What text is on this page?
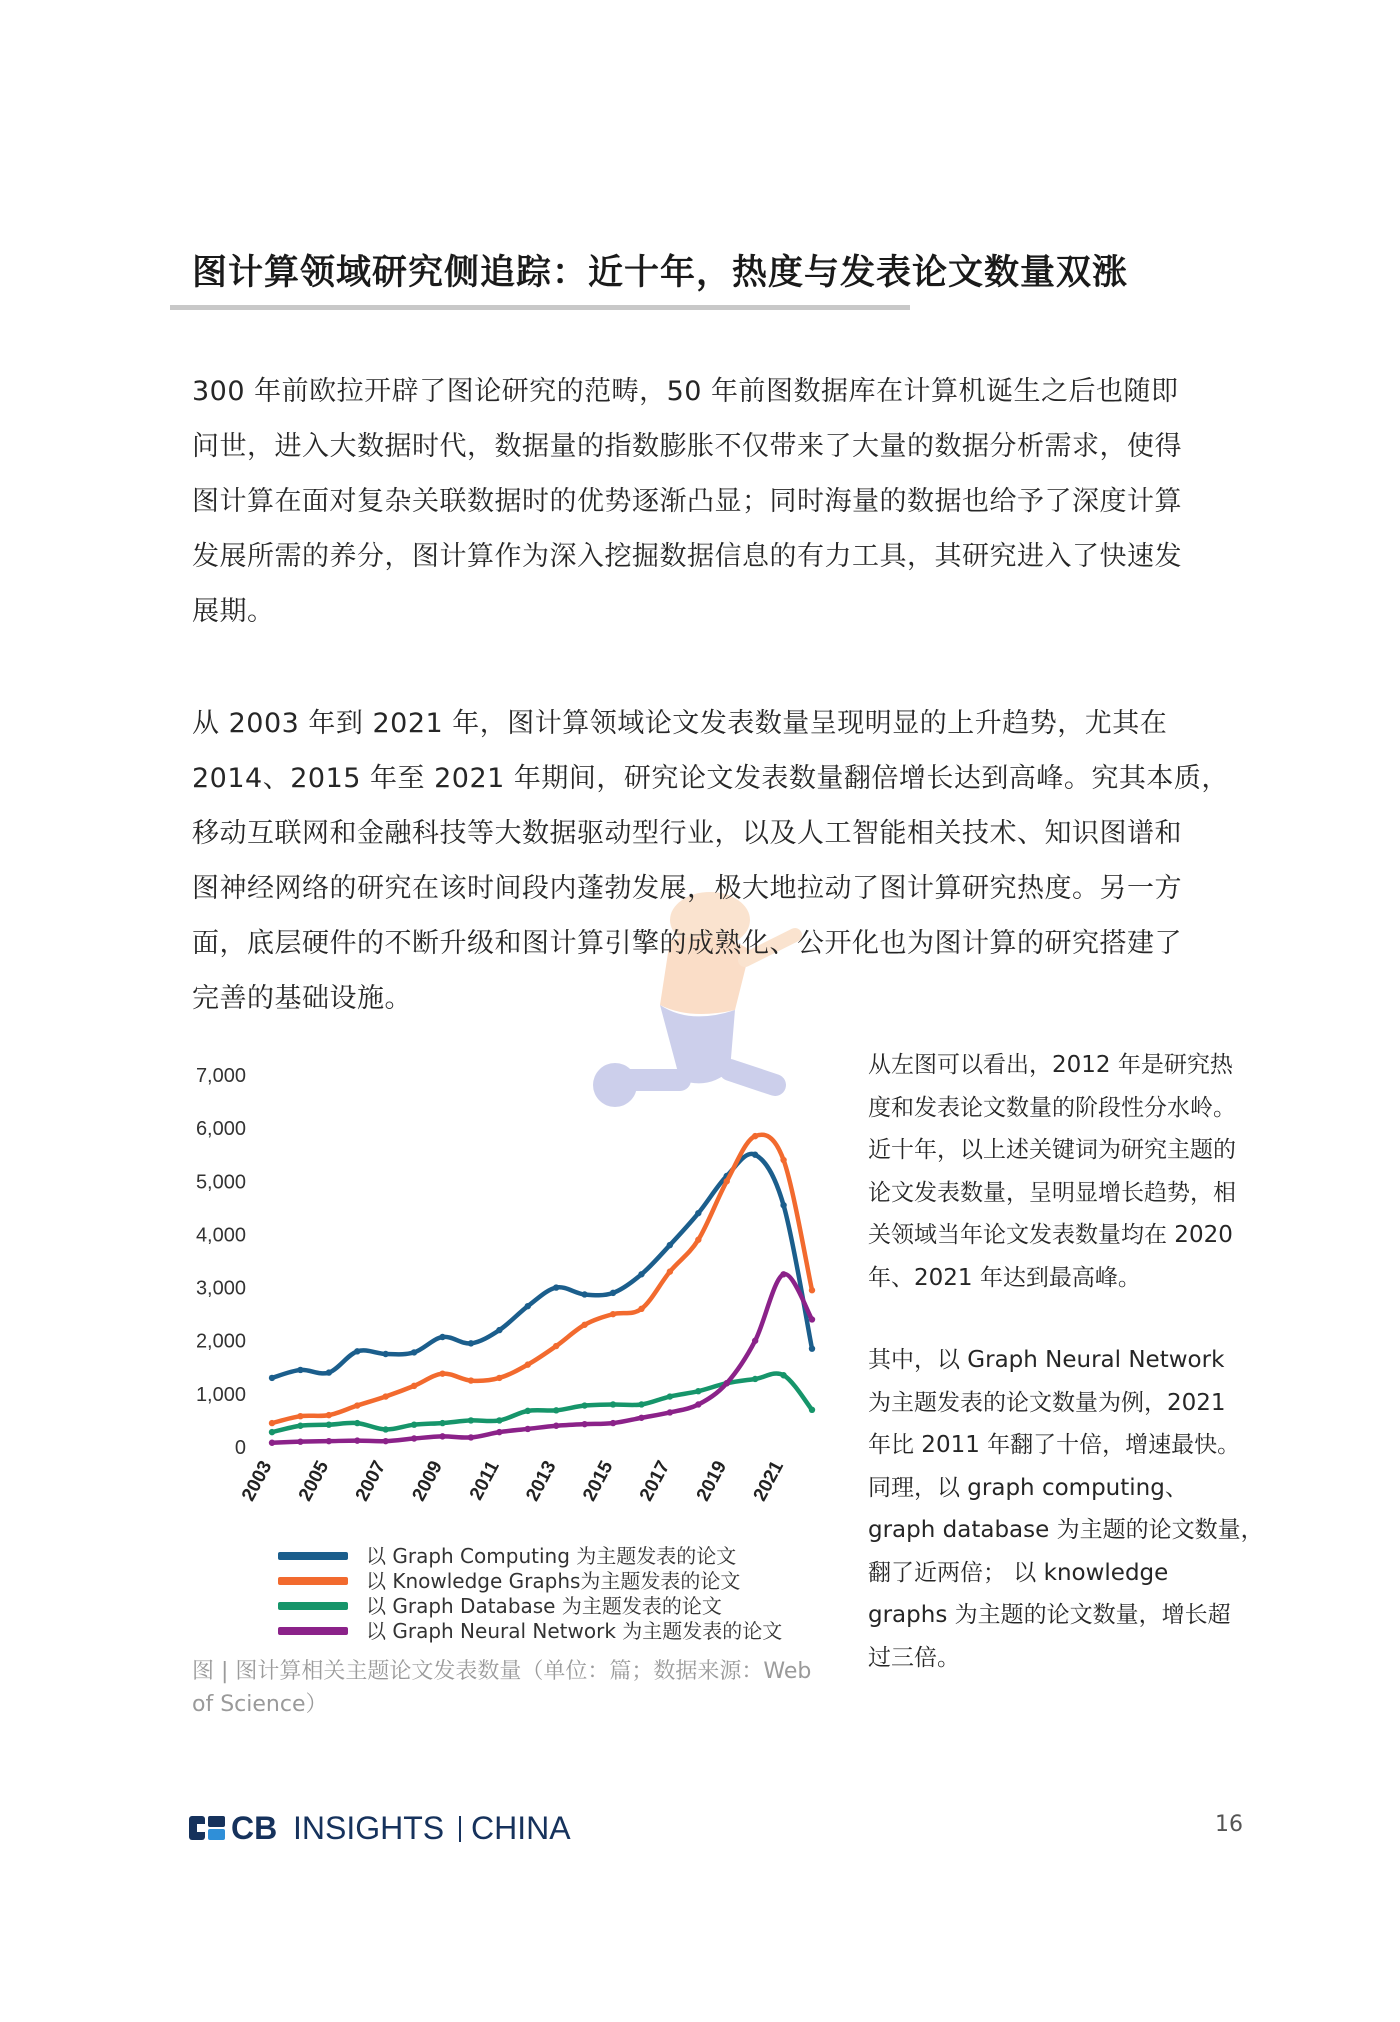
图计算领域研究侧追踪：近十年，热度与发表论文数量双涨
300 年前欧拉开辟了图论研究的范畴，50 年前图数据库在计算机诞生之后也随即
问世，进入大数据时代，数据量的指数膨胀不仅带来了大量的数据分析需求，使得
图计算在面对复杂关联数据时的优势逐渐凸显；同时海量的数据也给予了深度计算
发展所需的养分，图计算作为深入挖掘数据信息的有力工具，其研究进入了快速发
展期。
从 2003 年到 2021 年，图计算领域论文发表数量呈现明显的上升趋势，尤其在
2014、2015 年至 2021 年期间，研究论文发表数量翻倍增长达到高峰。究其本质，
移动互联网和金融科技等大数据驱动型行业，以及人工智能相关技术、知识图谱和
图神经网络的研究在该时间段内蓬勃发展，极大地拉动了图计算研究热度。另一方
面，底层硬件的不断升级和图计算引擎的成熟化、公开化也为图计算的研究搭建了
完善的基础设施。
0
1,000
2,000
3,000
4,000
5,000
6,000
7,000
2003 2005 2007 2009 2011 2013 2015 2017 2019 2021
以 Graph Computing 为主题发表的论文
以 Knowledge Graphs为主题发表的论文
以 Graph Database 为主题发表的论文
以 Graph Neural Network 为主题发表的论文
图 | 图计算相关主题论文发表数量（单位：篇；数据来源：Web of Science）
从左图可以看出，2012 年是研究热
度和发表论文数量的阶段性分水岭。
近十年，以上述关键词为研究主题的
论文发表数量，呈明显增长趋势，相
关领域当年论文发表数量均在 2020
年、2021 年达到最高峰。
其中，以 Graph Neural Network
为主题发表的论文数量为例，2021
年比 2011 年翻了十倍，增速最快。
同理，以 graph computing、
graph database 为主题的论文数量，
翻了近两倍； 以 knowledge
graphs 为主题的论文数量，增长超
过三倍。
CB INSIGHTS CHINA	16
